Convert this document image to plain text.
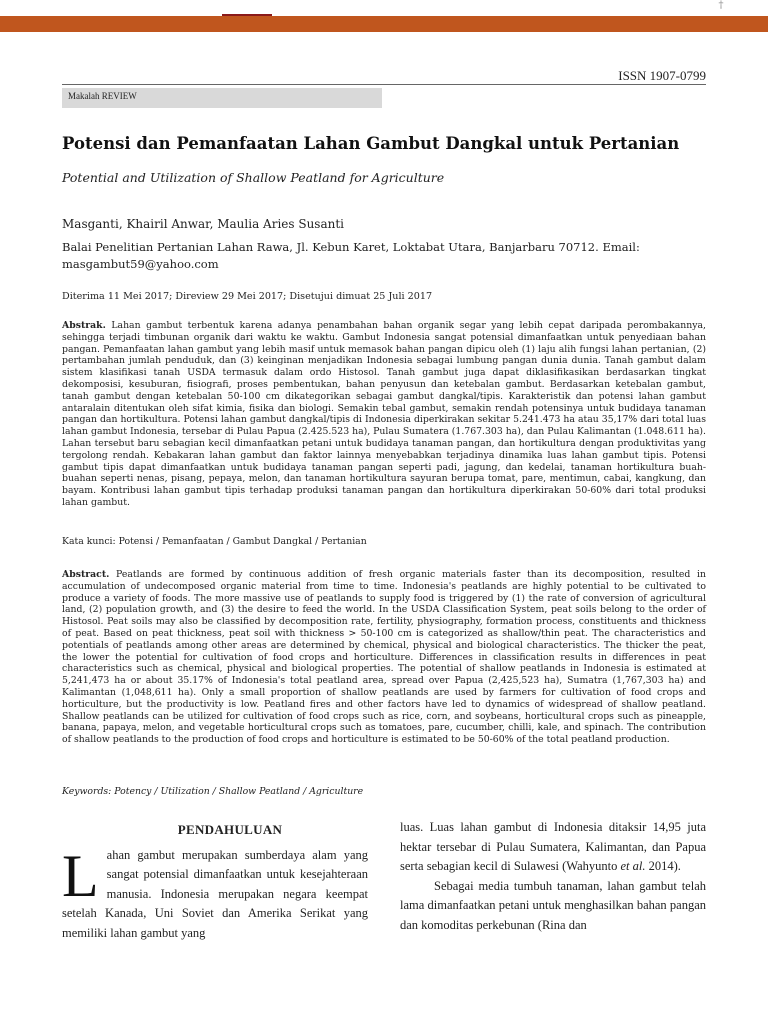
†
ISSN 1907-0799
Makalah REVIEW
Potensi dan Pemanfaatan Lahan Gambut Dangkal untuk Pertanian
Potential and Utilization of Shallow Peatland for Agriculture
Masganti, Khairil Anwar, Maulia Aries Susanti
Balai Penelitian Pertanian Lahan Rawa, Jl. Kebun Karet, Loktabat Utara, Banjarbaru 70712. Email: masgambut59@yahoo.com
Diterima 11 Mei 2017; Direview 29 Mei 2017; Disetujui dimuat 25 Juli 2017
Abstrak. Lahan gambut terbentuk karena adanya penambahan bahan organik segar yang lebih cepat daripada perombakannya, sehingga terjadi timbunan organik dari waktu ke waktu. Gambut Indonesia sangat potensial dimanfaatkan untuk penyediaan bahan pangan. Pemanfaatan lahan gambut yang lebih masif untuk memasok bahan pangan dipicu oleh (1) laju alih fungsi lahan pertanian, (2) pertambahan jumlah penduduk, dan (3) keinginan menjadikan Indonesia sebagai lumbung pangan dunia dunia. Tanah gambut dalam sistem klasifikasi tanah USDA termasuk dalam ordo Histosol. Tanah gambut juga dapat diklasifikasikan berdasarkan tingkat dekomposisi, kesuburan, fisiografi, proses pembentukan, bahan penyusun dan ketebalan gambut. Berdasarkan ketebalan gambut, tanah gambut dengan ketebalan 50-100 cm dikategorikan sebagai gambut dangkal/tipis. Karakteristik dan potensi lahan gambut antaralain ditentukan oleh sifat kimia, fisika dan biologi. Semakin tebal gambut, semakin rendah potensinya untuk budidaya tanaman pangan dan hortikultura. Potensi lahan gambut dangkal/tipis di Indonesia diperkirakan sekitar 5.241.473 ha atau 35,17% dari total luas lahan gambut Indonesia, tersebar di Pulau Papua (2.425.523 ha), Pulau Sumatera (1.767.303 ha), dan Pulau Kalimantan (1.048.611 ha). Lahan tersebut baru sebagian kecil dimanfaatkan petani untuk budidaya tanaman pangan, dan hortikultura dengan produktivitas yang tergolong rendah. Kebakaran lahan gambut dan faktor lainnya menyebabkan terjadinya dinamika luas lahan gambut tipis. Potensi gambut tipis dapat dimanfaatkan untuk budidaya tanaman pangan seperti padi, jagung, dan kedelai, tanaman hortikultura buah-buahan seperti nenas, pisang, pepaya, melon, dan tanaman hortikultura sayuran berupa tomat, pare, mentimun, cabai, kangkung, dan bayam. Kontribusi lahan gambut tipis terhadap produksi tanaman pangan dan hortikultura diperkirakan 50-60% dari total produksi lahan gambut.
Kata kunci: Potensi / Pemanfaatan / Gambut Dangkal / Pertanian
Abstract. Peatlands are formed by continuous addition of fresh organic materials faster than its decomposition, resulted in accumulation of undecomposed organic material from time to time. Indonesia's peatlands are highly potential to be cultivated to produce a variety of foods. The more massive use of peatlands to supply food is triggered by (1) the rate of conversion of agricultural land, (2) population growth, and (3) the desire to feed the world. In the USDA Classification System, peat soils belong to the order of Histosol. Peat soils may also be classified by decomposition rate, fertility, physiography, formation process, constituents and thickness of peat. Based on peat thickness, peat soil with thickness > 50-100 cm is categorized as shallow/thin peat. The characteristics and potentials of peatlands among other areas are determined by chemical, physical and biological characteristics. The thicker the peat, the lower the potential for cultivation of food crops and horticulture. Differences in classification results in differences in peat characteristics such as chemical, physical and biological properties. The potential of shallow peatlands in Indonesia is estimated at 5,241,473 ha or about 35.17% of Indonesia's total peatland area, spread over Papua (2,425,523 ha), Sumatra (1,767,303 ha) and Kalimantan (1,048,611 ha). Only a small proportion of shallow peatlands are used by farmers for cultivation of food crops and horticulture, but the productivity is low. Peatland fires and other factors have led to dynamics of widespread of shallow peatland. Shallow peatlands can be utilized for cultivation of food crops such as rice, corn, and soybeans, horticultural crops such as pineapple, banana, papaya, melon, and vegetable horticultural crops such as tomatoes, pare, cucumber, chilli, kale, and spinach. The contribution of shallow peatlands to the production of food crops and horticulture is estimated to be 50-60% of the total peatland production.
Keywords: Potency / Utilization / Shallow Peatland / Agriculture
PENDAHULUAN
Lahan gambut merupakan sumberdaya alam yang sangat potensial dimanfaatkan untuk kesejahteraan manusia. Indonesia merupakan negara keempat setelah Kanada, Uni Soviet dan Amerika Serikat yang memiliki lahan gambut yang

luas. Luas lahan gambut di Indonesia ditaksir 14,95 juta hektar tersebar di Pulau Sumatera, Kalimantan, dan Papua serta sebagian kecil di Sulawesi (Wahyunto et al. 2014).

Sebagai media tumbuh tanaman, lahan gambut telah lama dimanfaatkan petani untuk menghasilkan bahan pangan dan komoditas perkebunan (Rina dan
